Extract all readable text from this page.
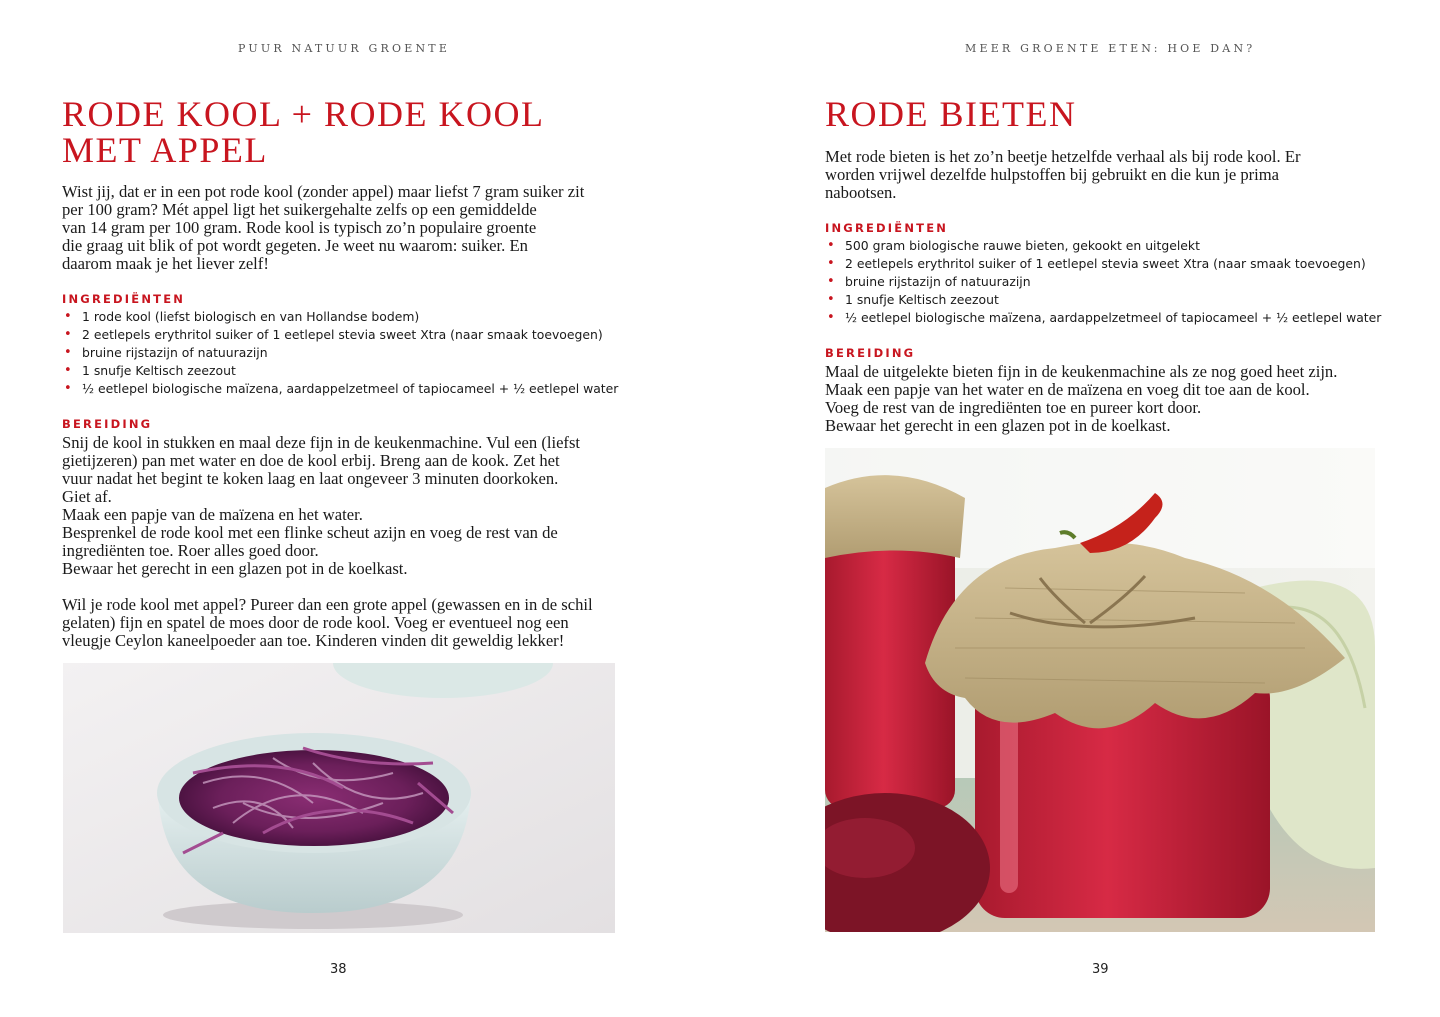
PUUR NATUUR GROENTE
RODE KOOL + RODE KOOL
MET APPEL

Wist jij, dat er in een pot rode kool (zonder appel) maar liefst 7 gram suiker zit

per 100 gram? Mét appel ligt het suikergehalte zelfs op een gemiddelde

van 14 gram per 100 gram. Rode kool is typisch zo’n populaire groente

die graag uit blik of pot wordt gegeten. Je weet nu waarom: suiker. En

daarom maak je het liever zelf!

INGREDIËNTEN
• 1 rode kool (liefst biologisch en van Hollandse bodem)
• 2 eetlepels erythritol suiker of 1 eetlepel stevia sweet Xtra (naar smaak toevoegen)
• bruine rijstazijn of natuurazijn
• 1 snufje Keltisch zeezout
• ½ eetlepel biologische maïzena, aardappelzetmeel of tapiocameel + ½ eetlepel water
BEREIDING

Snij de kool in stukken en maal deze fijn in de keukenmachine. Vul een (liefst

gietijzeren) pan met water en doe de kool erbij. Breng aan de kook. Zet het

vuur nadat het begint te koken laag en laat ongeveer 3 minuten doorkoken.

Giet af.

Maak een papje van de maïzena en het water.

Besprenkel de rode kool met een flinke scheut azijn en voeg de rest van de

ingrediënten toe. Roer alles goed door.

Bewaar het gerecht in een glazen pot in de koelkast.

Wil je rode kool met appel? Pureer dan een grote appel (gewassen en in de schil

gelaten) fijn en spatel de moes door de rode kool. Voeg er eventueel nog een

vleugje Ceylon kaneelpoeder aan toe. Kinderen vinden dit geweldig lekker!

38
MEER GROENTE ETEN: HOE DAN?
RODE BIETEN

Met rode bieten is het zo’n beetje hetzelfde verhaal als bij rode kool. Er

worden vrijwel dezelfde hulpstoffen bij gebruikt en die kun je prima

nabootsen.

INGREDIËNTEN
• 500 gram biologische rauwe bieten, gekookt en uitgelekt
• 2 eetlepels erythritol suiker of 1 eetlepel stevia sweet Xtra (naar smaak toevoegen)
• bruine rijstazijn of natuurazijn
• 1 snufje Keltisch zeezout
• ½ eetlepel biologische maïzena, aardappelzetmeel of tapiocameel + ½ eetlepel water
BEREIDING

Maal de uitgelekte bieten fijn in de keukenmachine als ze nog goed heet zijn.

Maak een papje van het water en de maïzena en voeg dit toe aan de kool.

Voeg de rest van de ingrediënten toe en pureer kort door.

Bewaar het gerecht in een glazen pot in de koelkast.

39
